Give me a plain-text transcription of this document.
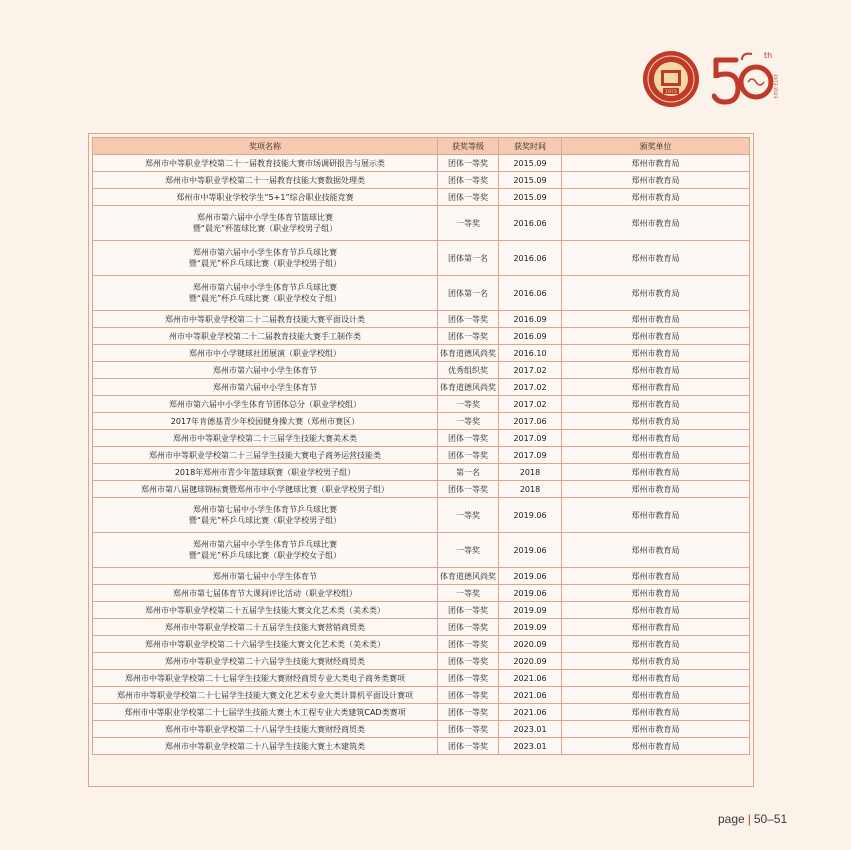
1973
th
1973-2023
奖项名称	获奖等级	获奖时间	颁奖单位

郑州市中等职业学校第二十一届教育技能大赛市场调研报告与展示类	团体一等奖	2015.09	郑州市教育局

郑州市中等职业学校第二十一届教育技能大赛数据处理类	团体一等奖	2015.09	郑州市教育局

郑州市中等职业学校学生“5+1”综合职业技能竞赛	团体一等奖	2015.09	郑州市教育局

郑州市第六届中小学生体育节篮球比赛
暨“晨光”杯篮球比赛（职业学校男子组）	一等奖	2016.06	郑州市教育局

郑州市第六届中小学生体育节乒乓球比赛
暨“晨光”杯乒乓球比赛（职业学校男子组）	团体第一名	2016.06	郑州市教育局

郑州市第六届中小学生体育节乒乓球比赛
暨“晨光”杯乒乓球比赛（职业学校女子组）	团体第一名	2016.06	郑州市教育局

郑州市中等职业学校第二十二届教育技能大赛平面设计类	团体一等奖	2016.09	郑州市教育局

州市中等职业学校第二十二届教育技能大赛手工制作类	团体一等奖	2016.09	郑州市教育局

郑州市中小学键球社团展演（职业学校组）	体育道德风尚奖	2016.10	郑州市教育局

郑州市第六届中小学生体育节	优秀组织奖	2017.02	郑州市教育局

郑州市第六届中小学生体育节	体育道德风尚奖	2017.02	郑州市教育局

郑州市第六届中小学生体育节团体总分（职业学校组）	一等奖	2017.02	郑州市教育局

2017年肯德基青少年校园健身操大赛（郑州市赛区）	一等奖	2017.06	郑州市教育局

郑州市中等职业学校第二十三届学生技能大赛美术类	团体一等奖	2017.09	郑州市教育局

郑州市中等职业学校第二十三届学生技能大赛电子商务运营技能类	团体一等奖	2017.09	郑州市教育局

2018年郑州市青少年篮球联赛（职业学校男子组）	第一名	2018	郑州市教育局

郑州市第八届毽球锦标赛暨郑州市中小学毽球比赛（职业学校男子组）	团体一等奖	2018	郑州市教育局

郑州市第七届中小学生体育节乒乓球比赛
暨“晨光”杯乒乓球比赛（职业学校男子组）	一等奖	2019.06	郑州市教育局

郑州市第六届中小学生体育节乒乓球比赛
暨“晨光”杯乒乓球比赛（职业学校女子组）	一等奖	2019.06	郑州市教育局

郑州市第七届中小学生体育节	体育道德风尚奖	2019.06	郑州市教育局

郑州市第七届体育节大课间评比活动（职业学校组）	一等奖	2019.06	郑州市教育局

郑州市中等职业学校第二十五届学生技能大赛文化艺术类（美术类）	团体一等奖	2019.09	郑州市教育局

郑州市中等职业学校第二十五届学生技能大赛营销商贸类	团体一等奖	2019.09	郑州市教育局

郑州市中等职业学校第二十六届学生技能大赛文化艺术类（美术类）	团体一等奖	2020.09	郑州市教育局

郑州市中等职业学校第二十六届学生技能大赛财经商贸类	团体一等奖	2020.09	郑州市教育局

郑州市中等职业学校第二十七届学生技能大赛财经商贸专业大类电子商务类赛项	团体一等奖	2021.06	郑州市教育局

郑州市中等职业学校第二十七届学生技能大赛文化艺术专业大类计算机平面设计赛项	团体一等奖	2021.06	郑州市教育局

郑州市中等职业学校第二十七届学生技能大赛土木工程专业大类建筑CAD类赛项	团体一等奖	2021.06	郑州市教育局

郑州市中等职业学校第二十八届学生技能大赛财经商贸类	团体一等奖	2023.01	郑州市教育局

郑州市中等职业学校第二十八届学生技能大赛土木建筑类	团体一等奖	2023.01	郑州市教育局
page | 50–51
